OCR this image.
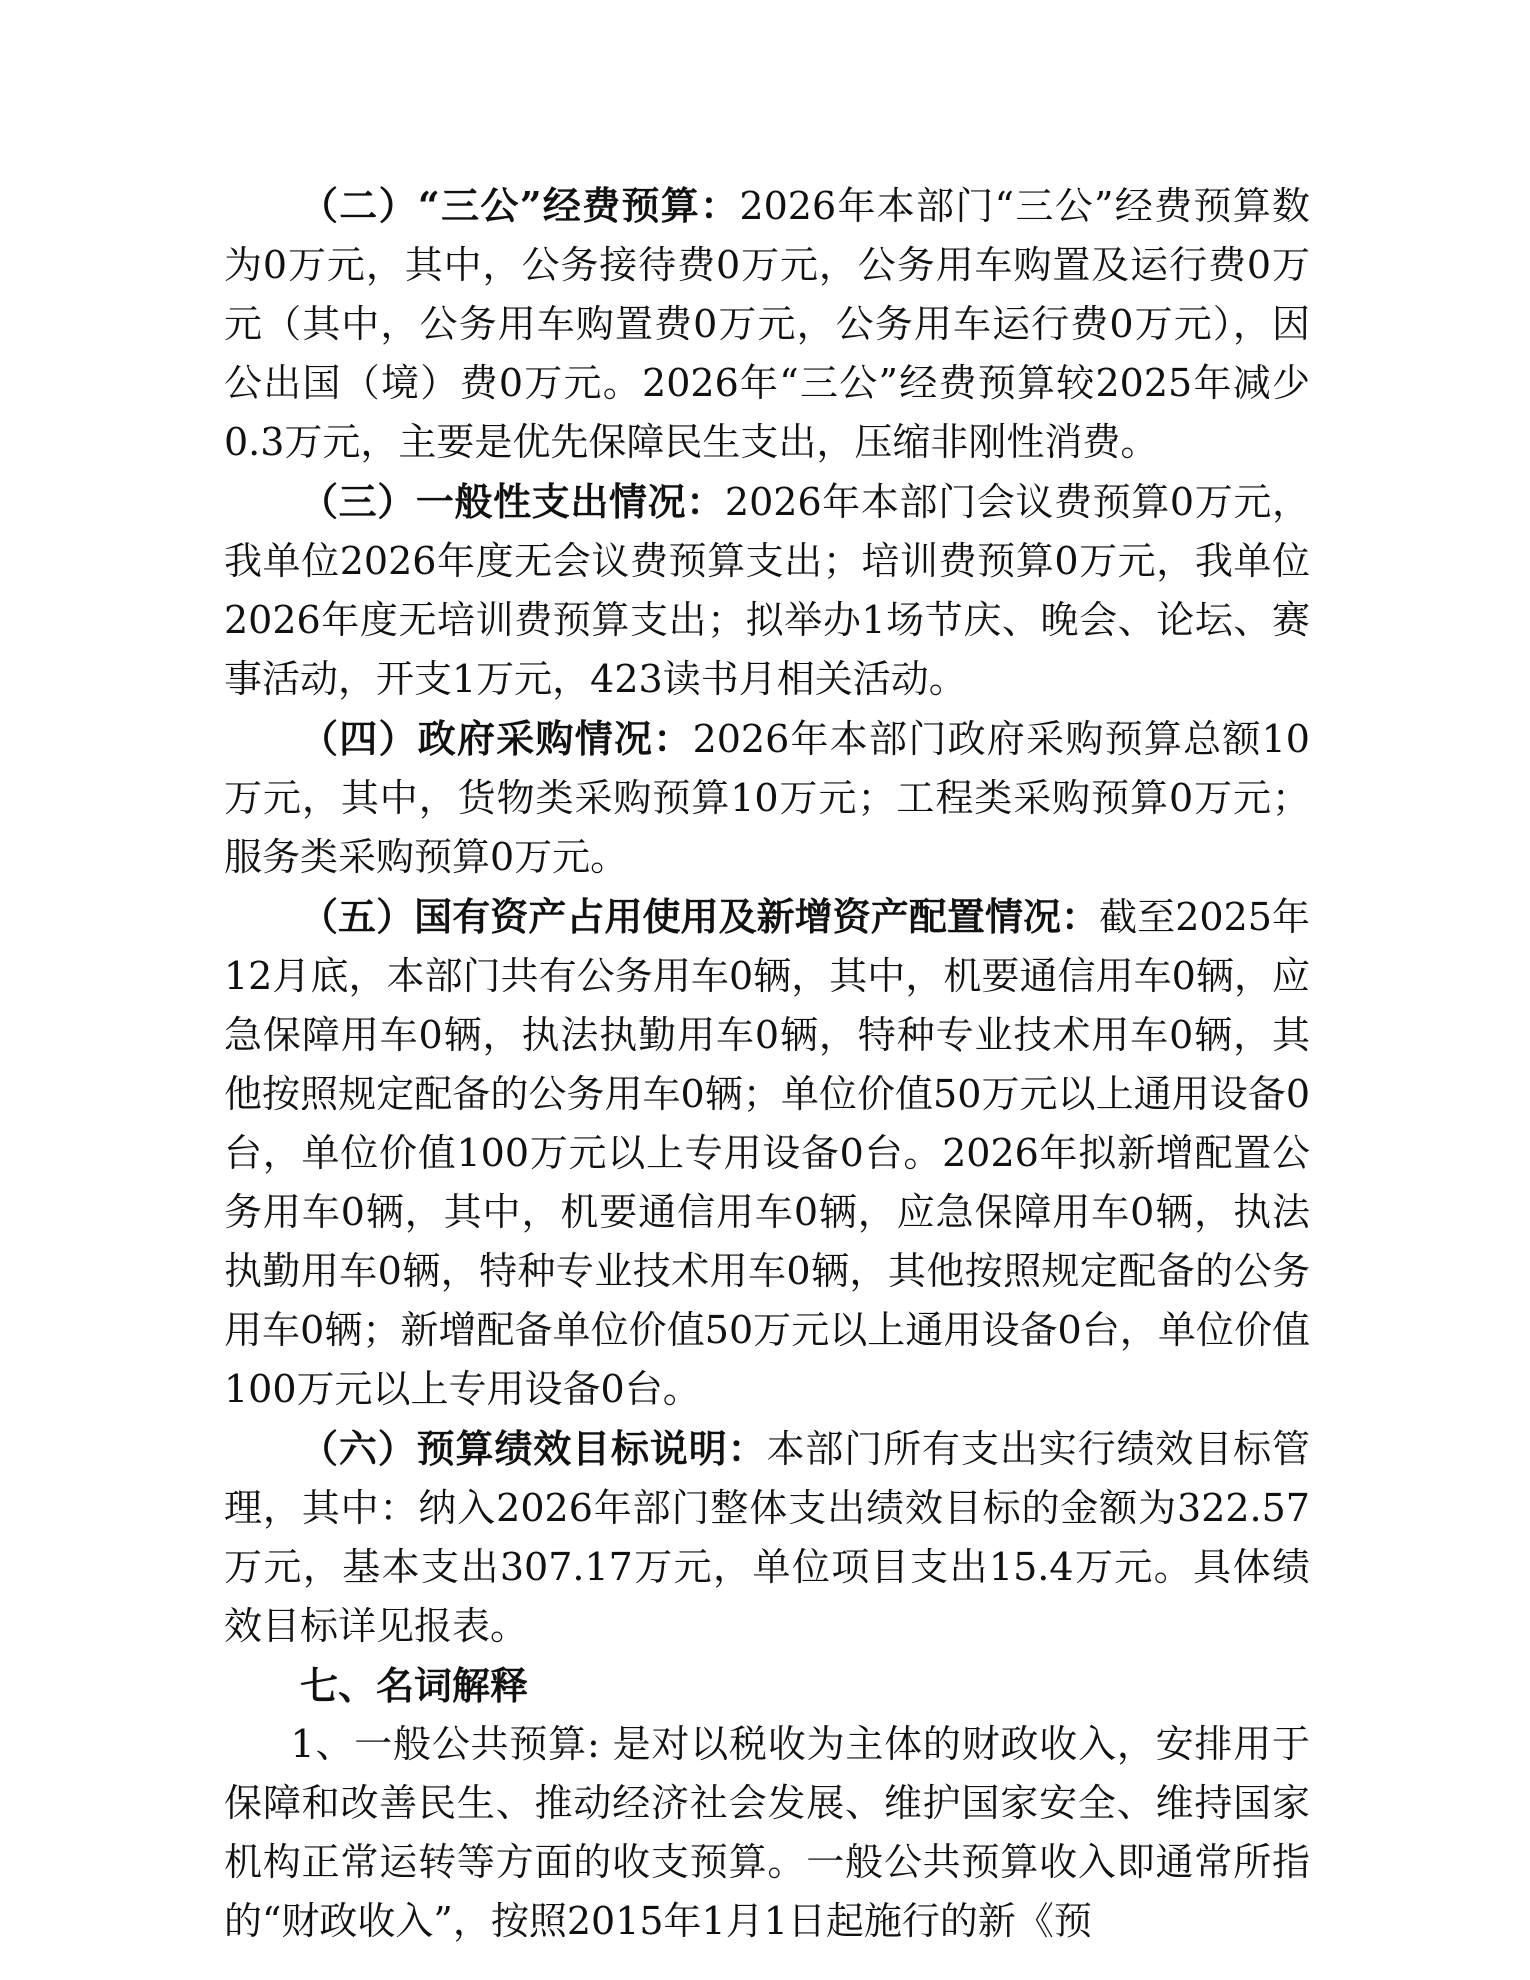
（二）“三公”经费预算：2026年本部门“三公”经费预算数为0万元，其中，公务接待费0万元，公务用车购置及运行费0万元（其中，公务用车购置费0万元，公务用车运行费0万元），因公出国（境）费0万元。2026年“三公”经费预算较2025年减少0.3万元，主要是优先保障民生支出，压缩非刚性消费。

（三）一般性支出情况：2026年本部门会议费预算0万元，我单位2026年度无会议费预算支出；培训费预算0万元，我单位2026年度无培训费预算支出；拟举办1场节庆、晚会、论坛、赛事活动，开支1万元，423读书月相关活动。

（四）政府采购情况：2026年本部门政府采购预算总额10万元，其中，货物类采购预算10万元；工程类采购预算0万元；服务类采购预算0万元。

（五）国有资产占用使用及新增资产配置情况：截至2025年12月底，本部门共有公务用车0辆，其中，机要通信用车0辆，应急保障用车0辆，执法执勤用车0辆，特种专业技术用车0辆，其他按照规定配备的公务用车0辆；单位价值50万元以上通用设备0台，单位价值100万元以上专用设备0台。2026年拟新增配置公务用车0辆，其中，机要通信用车0辆，应急保障用车0辆，执法执勤用车0辆，特种专业技术用车0辆，其他按照规定配备的公务用车0辆；新增配备单位价值50万元以上通用设备0台，单位价值100万元以上专用设备0台。

（六）预算绩效目标说明：本部门所有支出实行绩效目标管理，其中：纳入2026年部门整体支出绩效目标的金额为322.57万元，基本支出307.17万元，单位项目支出15.4万元。具体绩效目标详见报表。

七、名词解释

1、一般公共预算: 是对以税收为主体的财政收入，安排用于保障和改善民生、推动经济社会发展、维护国家安全、维持国家机构正常运转等方面的收支预算。一般公共预算收入即通常所指的“财政收入”，按照2015年1月1日起施行的新《预
